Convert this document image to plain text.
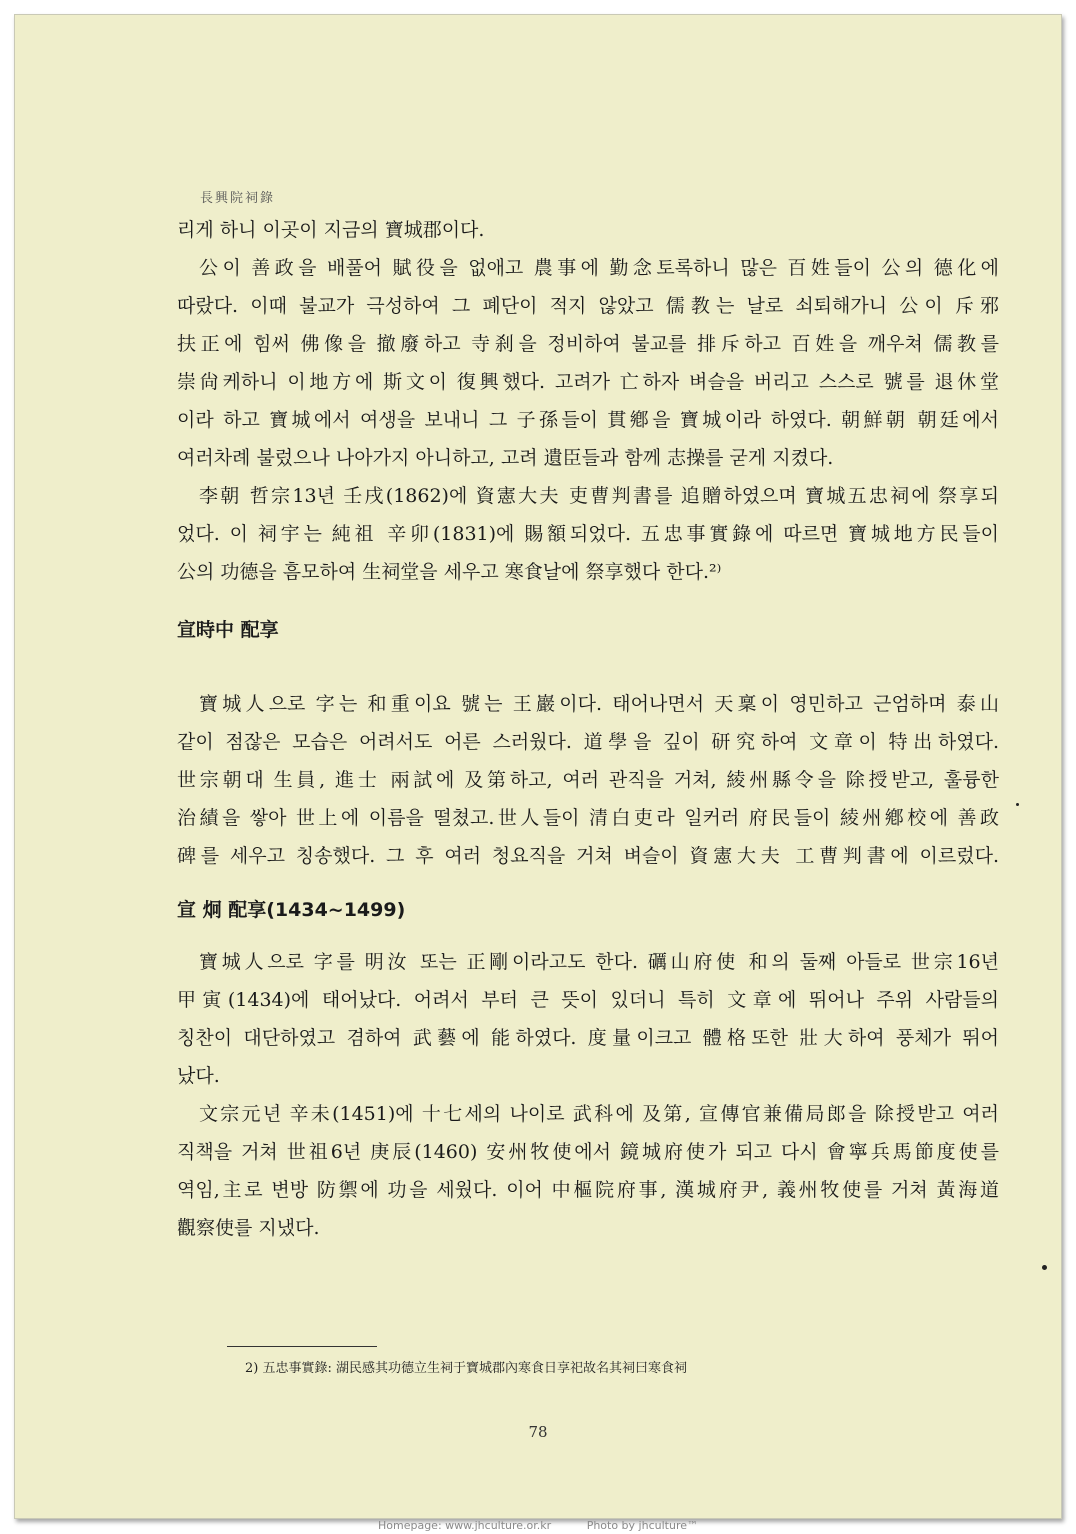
長興院祠錄
리게 하니 이곳이 지금의 寶城郡이다.
公이 善政을 배풀어 賦役을 없애고 農事에 勤念토록하니 많은 百姓들이 公의 德化에
따랐다. 이때 불교가 극성하여 그 폐단이 적지 않았고 儒教는 날로 쇠퇴해가니 公이 斥邪
扶正에 힘써 佛像을 撤廢하고 寺刹을 정비하여 불교를 排斥하고 百姓을 깨우쳐 儒教를
崇尙케하니 이地方에 斯文이 復興했다. 고려가 亡하자 벼슬을 버리고 스스로 號를 退休堂
이라 하고 寶城에서 여생을 보내니 그 子孫들이 貫鄕을 寶城이라 하였다. 朝鮮朝 朝廷에서
여러차례 불렀으나 나아가지 아니하고, 고려 遺臣들과 함께 志操를 굳게 지켰다.
李朝 哲宗13년 壬戌(1862)에 資憲大夫 吏曹判書를 追贈하였으며 寶城五忠祠에 祭享되
었다. 이 祠宇는 純祖 辛卯(1831)에 賜額되었다. 五忠事實錄에 따르면 寶城地方民들이
公의 功德을 흠모하여 生祠堂을 세우고 寒食날에 祭享했다 한다.²⁾
宣時中 配享
寶城人으로 字는 和重이요 號는 王巖이다. 태어나면서 天稟이 영민하고 근엄하며 泰山
같이 점잖은 모습은 어려서도 어른 스러웠다. 道學을 깊이 研究하여 文章이 特出하였다.
世宗朝대 生員, 進士 兩試에 及第하고, 여러 관직을 거쳐, 綾州縣令을 除授받고, 훌륭한
治績을 쌓아 世上에 이름을 떨쳤고.世人들이 清白吏라 일커러 府民들이 綾州鄕校에 善政
碑를 세우고 칭송했다. 그 후 여러 청요직을 거쳐 벼슬이 資憲大夫 工曹判書에 이르렀다.
宣 炯 配享(1434~1499)
寶城人으로 字를 明汝 또는 正剛이라고도 한다. 礪山府使 和의 둘째 아들로 世宗16년
甲寅(1434)에 태어났다. 어려서 부터 큰 뜻이 있더니 특히 文章에 뛰어나 주위 사람들의
칭찬이 대단하였고 겸하여 武藝에 能하였다. 度量이크고 體格또한 壯大하여 풍체가 뛰어
났다.
文宗元년 辛未(1451)에 十七세의 나이로 武科에 及第, 宣傳官兼備局郎을 除授받고 여러
직책을 거쳐 世祖6년 庚辰(1460) 安州牧使에서 鏡城府使가 되고 다시 會寧兵馬節度使를
역임,主로 변방 防禦에 功을 세웠다. 이어 中樞院府事, 漢城府尹, 義州牧使를 거쳐 黃海道
觀察使를 지냈다.
2) 五忠事實錄: 湖民感其功德立生祠于寶城郡內寒食日享祀故名其祠曰寒食祠
78
Homepage: www.jhculture.or.kr	Photo by jhculture™
